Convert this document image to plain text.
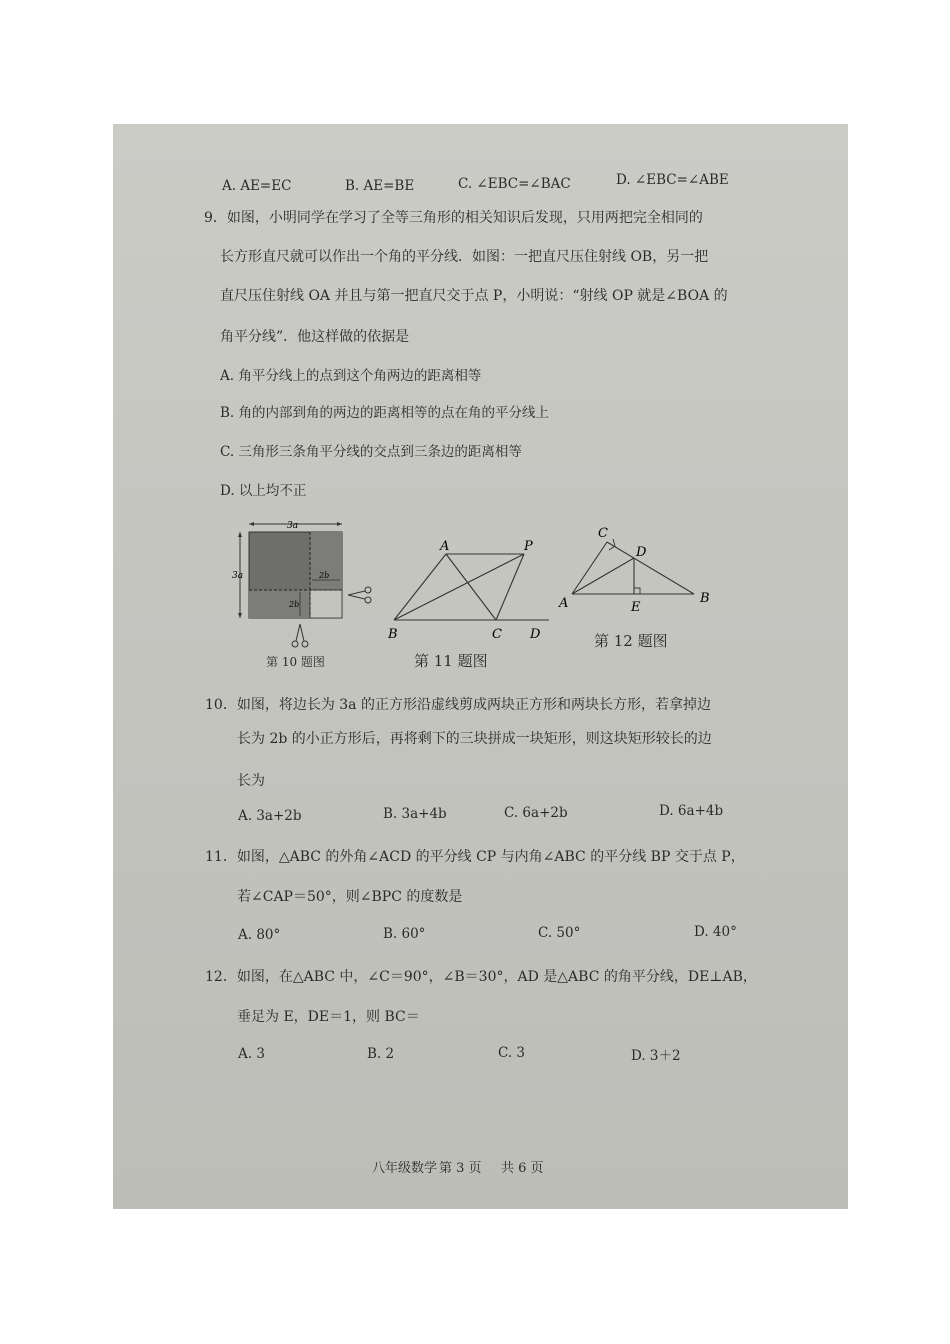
A. AE=EC	B. AE=BE	C. ∠EBC=∠BAC	D. ∠EBC=∠ABE
9．如图，小明同学在学习了全等三角形的相关知识后发现，只用两把完全相同的
长方形直尺就可以作出一个角的平分线．如图：一把直尺压住射线 OB，另一把
直尺压住射线 OA 并且与第一把直尺交于点 P，小明说：“射线 OP 就是∠BOA 的
角平分线”．他这样做的依据是
A. 角平分线上的点到这个角两边的距离相等
B. 角的内部到角的两边的距离相等的点在角的平分线上
C. 三角形三条角平分线的交点到三条边的距离相等
D. 以上均不正
3a
3a	2b
2b
第 10 题图
A	P
B	C D
第 11 题图
C
D
A	E
B
第 12 题图
10．如图，将边长为 3a 的正方形沿虚线剪成两块正方形和两块长方形，若拿掉边
长为 2b 的小正方形后，再将剩下的三块拼成一块矩形，则这块矩形较长的边
长为
A. 3a+2b	B. 3a+4b	C. 6a+2b	D. 6a+4b
11．如图，△ABC 的外角∠ACD 的平分线 CP 与内角∠ABC 的平分线 BP 交于点 P，
若∠CAP＝50°，则∠BPC 的度数是
A. 80°	B. 60°	C. 50°	D. 40°
12．如图，在△ABC 中，∠C＝90°，∠B＝30°，AD 是△ABC 的角平分线，DE⊥AB，
垂足为 E，DE＝1，则 BC＝
A. 3	B. 2	C. 3	D. 3＋2
八年级数学 第 3 页 共 6 页
